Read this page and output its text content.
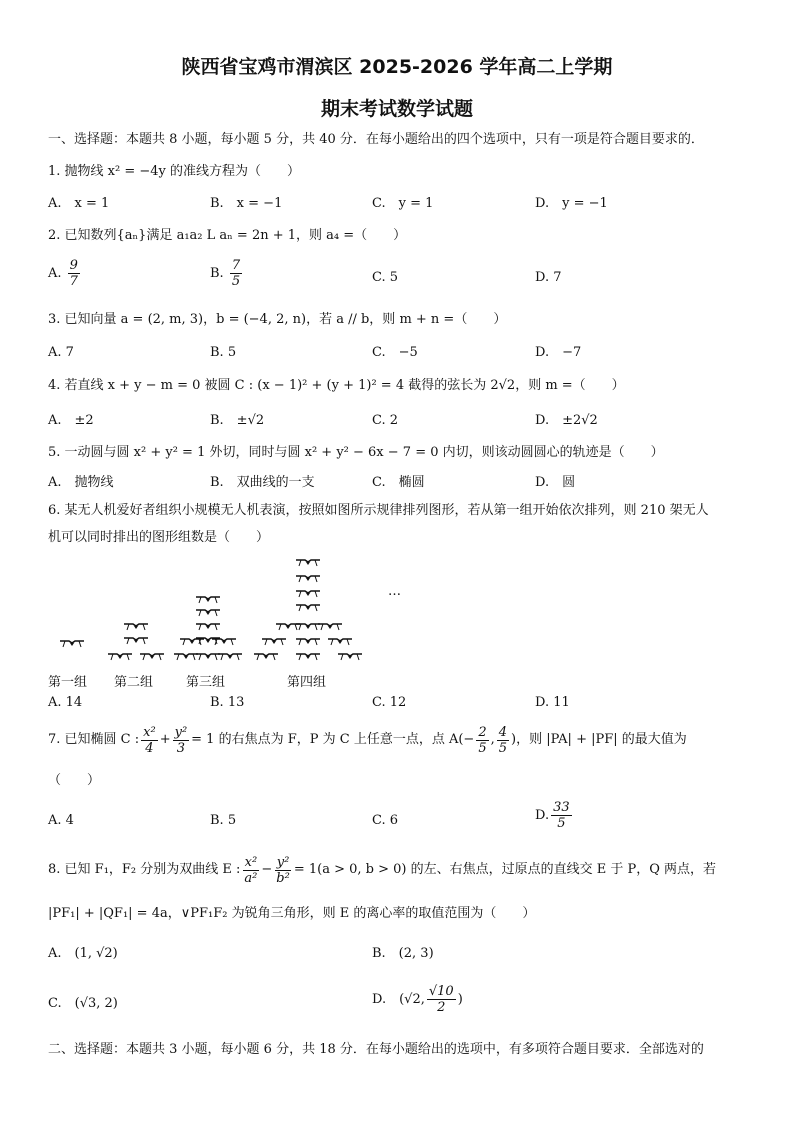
陕西省宝鸡市渭滨区 2025-2026 学年高二上学期
期末考试数学试题
一、选择题：本题共 8 小题，每小题 5 分，共 40 分．在每小题给出的四个选项中，只有一项是符合题目要求的．
1. 抛物线 x² = −4y 的准线方程为（　　）
A.　x = 1	B.　x = −1	C.　y = 1	D.　y = −1
2. 已知数列{aₙ}满足 a₁a₂ L aₙ = 2n + 1，则 a₄ =（　　）
A. $\frac{9}{7}$	B. $\frac{7}{5}$	C. 5	D. 7
3. 已知向量 a = (2, m, 3)，b = (−4, 2, n)，若 a // b，则 m + n =（　　）
A. 7	B. 5	C.　−5	D.　−7
4. 若直线 x + y − m = 0 被圆 C : (x − 1)² + (y + 1)² = 4 截得的弦长为 2√2，则 m =（　　）
A.　±2	B.　±√2	C. 2	D.　±2√2
5. 一动圆与圆 x² + y² = 1 外切，同时与圆 x² + y² − 6x − 7 = 0 内切，则该动圆圆心的轨迹是（　　）
A.　抛物线	B.　双曲线的一支	C.　椭圆	D.　圆
6. 某无人机爱好者组织小规模无人机表演，按照如图所示规律排列图形，若从第一组开始依次排列，则 210 架无人
机可以同时排出的图形组数是（　　）
…
第一组 第二组	第三组	第四组
A. 14	B. 13	C. 12	D. 11
7. 已知椭圆 C : $\frac{\text{x²}}{4} + \frac{\text{y²}}{3} = 1$ 的右焦点为 F，P 为 C 上任意一点，点 $A(- \frac{2}{5}$ , $\frac{4}{5}$ )，则 |PA| + |PF| 的最大值为
（　　）
A. 4	B. 5	C. 6	D. $\frac{33}{5}$
8. 已知 F₁，F₂ 分别为双曲线 E : $\frac{\text{x²}}{\text{a²}} - \frac{\text{y²}}{\text{b²}} = 1(a > 0$, b > 0) 的左、右焦点，过原点的直线交 E 于 P，Q 两点，若
|PF₁| + |QF₁| = 4a，∨PF₁F₂ 为锐角三角形，则 E 的离心率的取值范围为（　　）
A.　(1, √2)	B.　(2, 3)
C.　(√3, 2)	D.　(√2, $\frac{√10}{2}$ )
二、选择题：本题共 3 小题，每小题 6 分，共 18 分．在每小题给出的选项中，有多项符合题目要求．全部选对的
